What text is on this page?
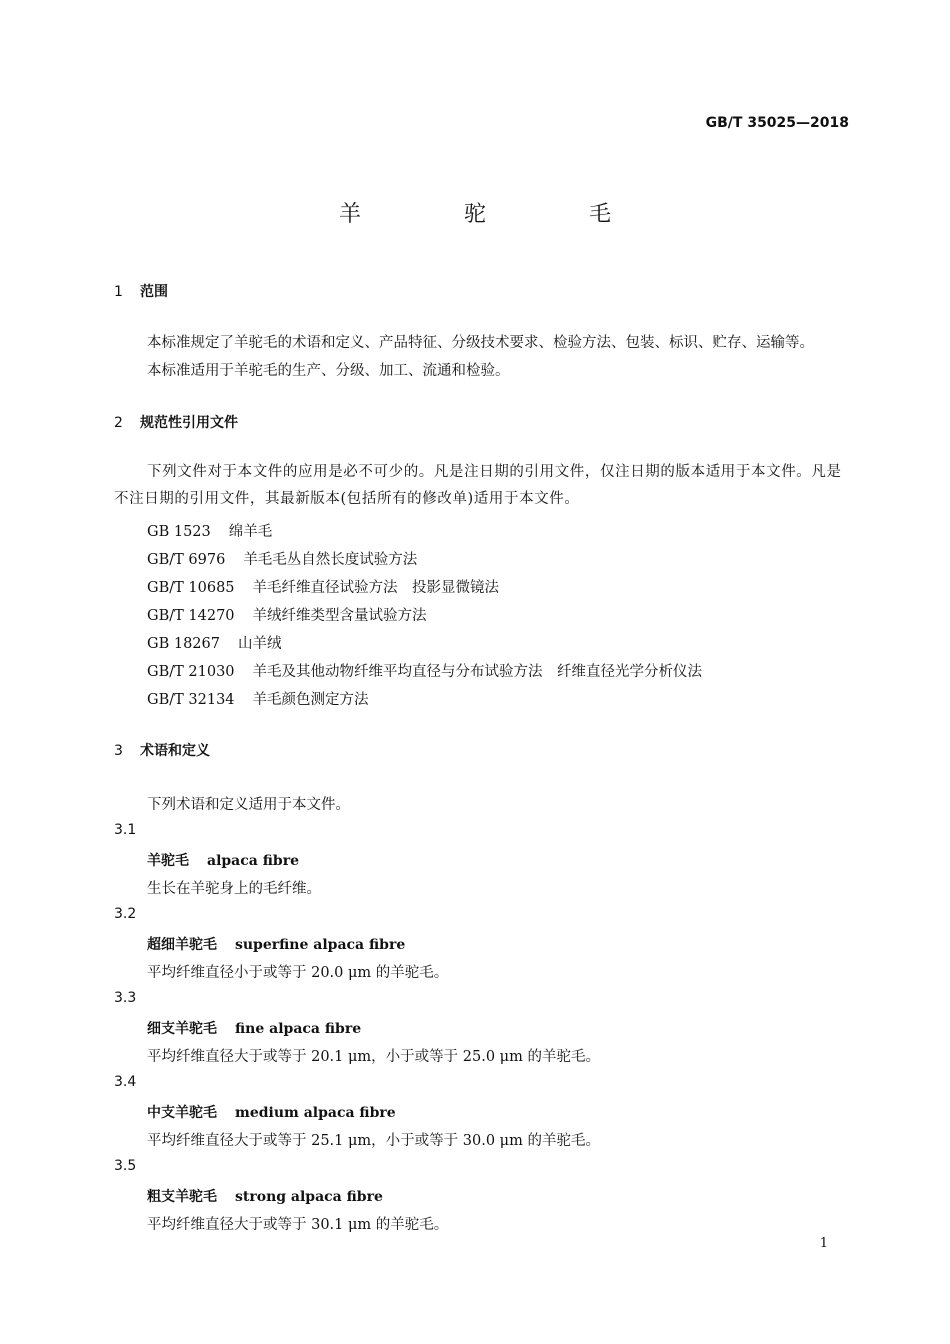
GB/T 35025—2018
羊 驼 毛
1 范围
本标准规定了羊驼毛的术语和定义、产品特征、分级技术要求、检验方法、包装、标识、贮存、运输等。
本标准适用于羊驼毛的生产、分级、加工、流通和检验。
2 规范性引用文件
下列文件对于本文件的应用是必不可少的。凡是注日期的引用文件，仅注日期的版本适用于本文件。凡是不注日期的引用文件，其最新版本(包括所有的修改单)适用于本文件。
GB 1523 绵羊毛
GB/T 6976 羊毛毛丛自然长度试验方法
GB/T 10685 羊毛纤维直径试验方法　投影显微镜法
GB/T 14270 羊绒纤维类型含量试验方法
GB 18267 山羊绒
GB/T 21030 羊毛及其他动物纤维平均直径与分布试验方法　纤维直径光学分析仪法
GB/T 32134 羊毛颜色测定方法
3 术语和定义
下列术语和定义适用于本文件。
3.1
羊驼毛 alpaca fibre
生长在羊驼身上的毛纤维。
3.2
超细羊驼毛 superfine alpaca fibre
平均纤维直径小于或等于 20.0 μm 的羊驼毛。
3.3
细支羊驼毛 fine alpaca fibre
平均纤维直径大于或等于 20.1 μm，小于或等于 25.0 μm 的羊驼毛。
3.4
中支羊驼毛 medium alpaca fibre
平均纤维直径大于或等于 25.1 μm，小于或等于 30.0 μm 的羊驼毛。
3.5
粗支羊驼毛 strong alpaca fibre
平均纤维直径大于或等于 30.1 μm 的羊驼毛。
1
